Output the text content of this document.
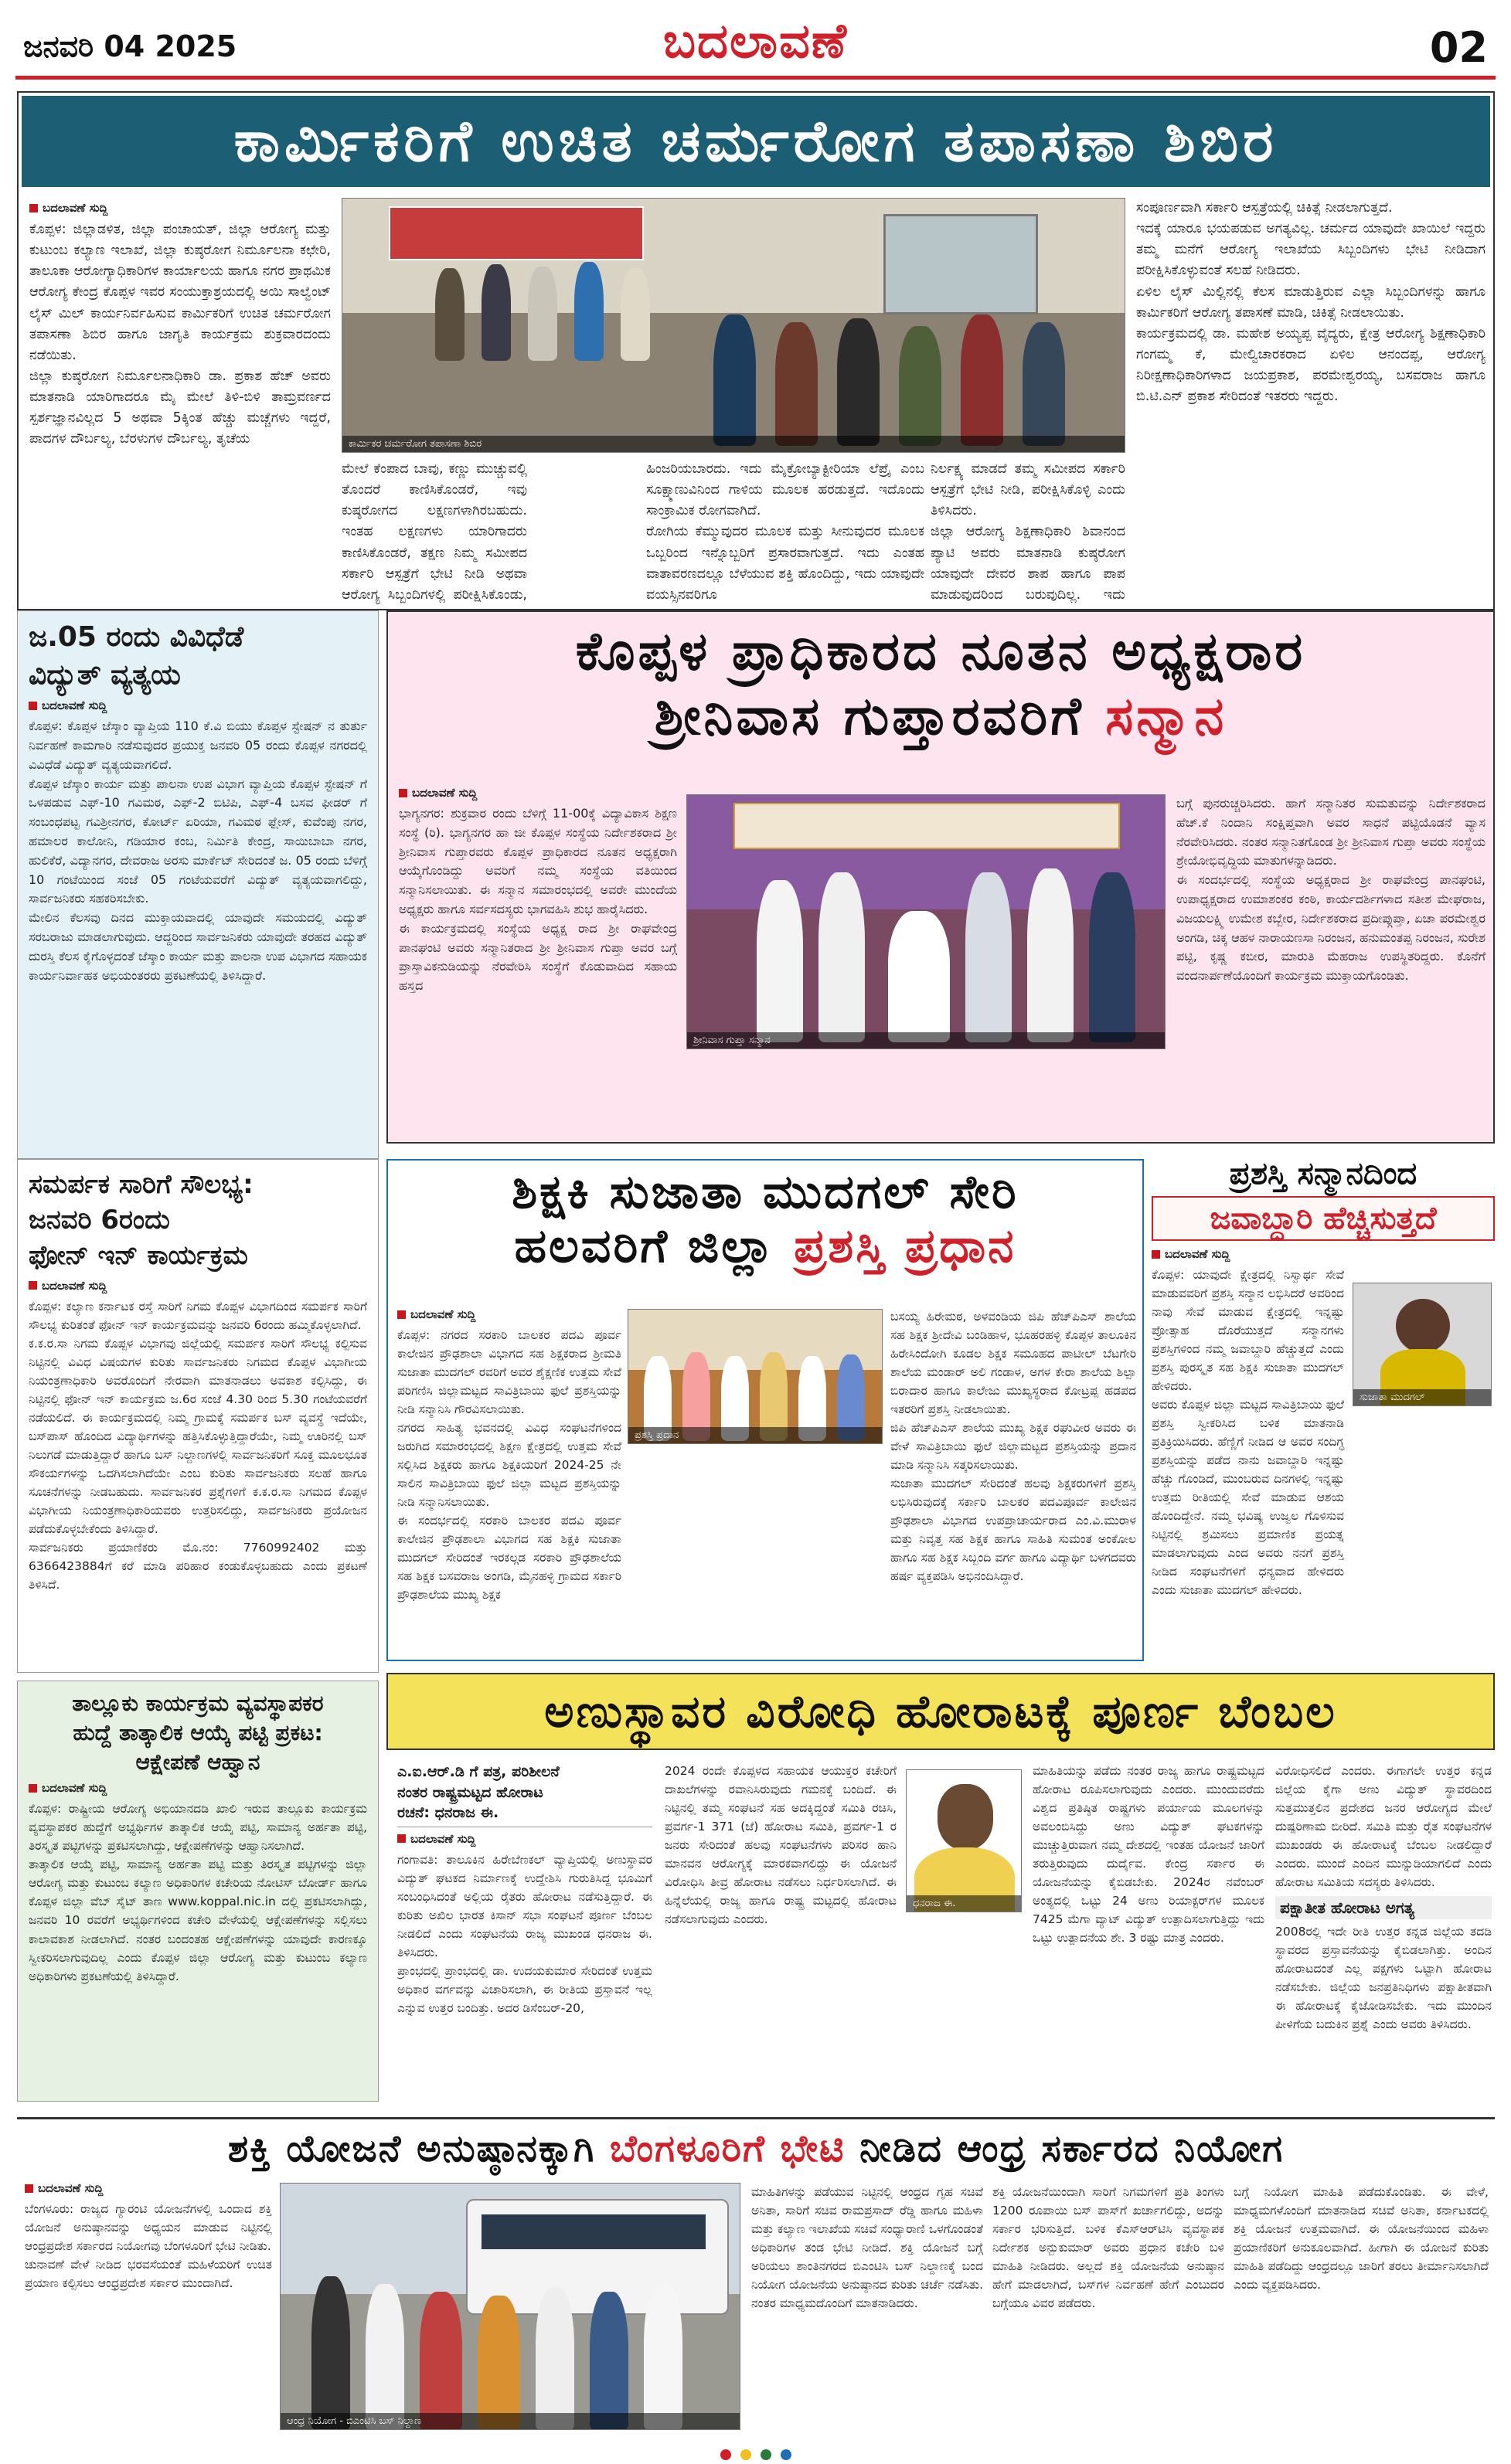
ಜನವರಿ 04 2025	ಬದಲಾವಣೆ	02
ಕಾರ್ಮಿಕರಿಗೆ ಉಚಿತ ಚರ್ಮರೋಗ ತಪಾಸಣಾ ಶಿಬಿರ
ಬದಲಾವಣೆ ಸುದ್ದಿ
ಕೊಪ್ಪಳ: ಜಿಲ್ಲಾಡಳಿತ, ಜಿಲ್ಲಾ ಪಂಚಾಯತ್, ಜಿಲ್ಲಾ ಆರೋಗ್ಯ ಮತ್ತು ಕುಟುಂಬ ಕಲ್ಯಾಣ ಇಲಾಖೆ, ಜಿಲ್ಲಾ ಕುಷ್ಠರೋಗ ನಿರ್ಮೂಲನಾ ಕಛೇರಿ, ತಾಲೂಕಾ ಆರೋಗ್ಯಾಧಿಕಾರಿಗಳ ಕಾರ್ಯಾಲಯ ಹಾಗೂ ನಗರ ಪ್ರಾಥಮಿಕ ಆರೋಗ್ಯ ಕೇಂದ್ರ ಕೊಪ್ಪಳ ಇವರ ಸಂಯುಕ್ತಾಶ್ರಯದಲ್ಲಿ ಅಯಿ ಸಾಲ್ವೆಂಟ್ ಲೈಸ್ ಮಿಲ್ ಕಾರ್ಯನಿರ್ವಹಿಸುವ ಕಾರ್ಮಿಕರಿಗೆ ಉಚಿತ ಚರ್ಮರೋಗ ತಪಾಸಣಾ ಶಿಬಿರ ಹಾಗೂ ಜಾಗೃತಿ ಕಾರ್ಯಕ್ರಮ ಶುಕ್ರವಾರದಂದು ನಡೆಯಿತು.
ಜಿಲ್ಲಾ ಕುಷ್ಠರೋಗ ನಿರ್ಮೂಲನಾಧಿಕಾರಿ ಡಾ. ಪ್ರಕಾಶ ಹೆಚ್ ಅವರು ಮಾತನಾಡಿ ಯಾರಿಗಾದರೂ ಮೈ ಮೇಲೆ ತಿಳಿ-ಬಿಳಿ ತಾಮ್ರವರ್ಣದ ಸ್ಪರ್ಶಜ್ಞಾನವಿಲ್ಲದ 5 ಅಥವಾ 5ಕ್ಕಿಂತ ಹೆಚ್ಚು ಮಚ್ಚೆಗಳು ಇದ್ದರೆ, ಪಾದಗಳ ದೌರ್ಬಲ್ಯ, ಬೆರಳುಗಳ ದೌರ್ಬಲ್ಯ, ತೃಚೆಯ	ಕಾರ್ಮಿಕರ ಚರ್ಮರೋಗ ತಪಾಸಣಾ ಶಿಬಿರ
ಮೇಲೆ ಕೆಂಪಾದ ಬಾವು, ಕಣ್ಣು ಮುಚ್ಚುವಲ್ಲಿ ತೊಂದರೆ ಕಾಣಿಸಿಕೊಂಡರೆ, ಇವು ಕುಷ್ಠರೋಗದ ಲಕ್ಷಣಗಳಾಗಿರಬಹುದು. ಇಂತಹ ಲಕ್ಷಣಗಳು ಯಾರಿಗಾದರು ಕಾಣಿಸಿಕೊಂಡರೆ, ತಕ್ಷಣ ನಿಮ್ಮ ಸಮೀಪದ ಸರ್ಕಾರಿ ಆಸ್ಪತ್ರೆಗೆ ಭೇಟಿ ನೀಡಿ ಅಥವಾ ಆರೋಗ್ಯ ಸಿಬ್ಬಂದಿಗಳಲ್ಲಿ ಪರೀಕ್ಷಿಸಿಕೊಂಡು,
ಹಿಂಜರಿಯಬಾರದು. ಇದು ಮೈಕ್ರೋಬ್ಯಾಕ್ಟೀರಿಯಾ ಲೆಪ್ರೈ ಎಂಬ ಸೂಕ್ಷ್ಮಾಣುವಿನಿಂದ ಗಾಳಿಯ ಮೂಲಕ ಹರಡುತ್ತದೆ. ಇದೊಂದು ಸಾಂಕ್ರಾಮಿಕ ರೋಗವಾಗಿದೆ.
ರೋಗಿಯ ಕೆಮ್ಮುವುದರ ಮೂಲಕ ಮತ್ತು ಸೀನುವುದರ ಮೂಲಕ ಒಬ್ಬರಿಂದ ಇನ್ನೊಬ್ಬರಿಗೆ ಪ್ರಸಾರವಾಗುತ್ತದೆ. ಇದು ಎಂತಹ ವಾತಾವರಣದಲ್ಲೂ ಬೆಳೆಯುವ ಶಕ್ತಿ ಹೊಂದಿದ್ದು, ಇದು ಯಾವುದೇ ವಯಸ್ಸಿನವರಿಗೂ
ನಿರ್ಲಕ್ಷ್ಯ ಮಾಡದೆ ತಮ್ಮ ಸಮೀಪದ ಸರ್ಕಾರಿ ಆಸ್ಪತ್ರೆಗೆ ಭೇಟಿ ನೀಡಿ, ಪರೀಕ್ಷಿಸಿಕೊಳ್ಳಿ ಎಂದು ತಿಳಿಸಿದರು.
ಜಿಲ್ಲಾ ಆರೋಗ್ಯ ಶಿಕ್ಷಣಾಧಿಕಾರಿ ಶಿವಾನಂದ ಪ್ಯಾಟಿ ಅವರು ಮಾತನಾಡಿ ಕುಷ್ಠರೋಗ ಯಾವುದೇ ದೇವರ ಶಾಪ ಹಾಗೂ ಪಾಪ ಮಾಡುವುದರಿಂದ ಬರುವುದಿಲ್ಲ. ಇದು
ಸಂಪೂರ್ಣವಾಗಿ ಸರ್ಕಾರಿ ಆಸ್ಪತ್ರೆಯಲ್ಲಿ ಚಿಕಿತ್ಸೆ ನೀಡಲಾಗುತ್ತದೆ.
ಇದಕ್ಕೆ ಯಾರೂ ಭಯಪಡುವ ಅಗತ್ಯವಿಲ್ಲ. ಚರ್ಮದ ಯಾವುದೇ ಖಾಯಿಲೆ ಇದ್ದರು ತಮ್ಮ ಮನೆಗೆ ಆರೋಗ್ಯ ಇಲಾಖೆಯ ಸಿಬ್ಬಂದಿಗಳು ಭೇಟಿ ನೀಡಿದಾಗ ಪರೀಕ್ಷಿಸಿಕೊಳ್ಳುವಂತೆ ಸಲಹೆ ನೀಡಿದರು.
ಏಳಿಲ ಲೈಸ್ ಮಿಲ್ಲಿನಲ್ಲಿ ಕೆಲಸ ಮಾಡುತ್ತಿರುವ ಎಲ್ಲಾ ಸಿಬ್ಬಂದಿಗಳನ್ನು ಹಾಗೂ ಕಾರ್ಮಿಕರಿಗೆ ಆರೋಗ್ಯ ತಪಾಸಣೆ ಮಾಡಿ, ಚಿಕಿತ್ಸೆ ನೀಡಲಾಯಿತು.
ಕಾರ್ಯಕ್ರಮದಲ್ಲಿ ಡಾ. ಮಹೇಶ ಅಯ್ಯಪ್ಪ ವೈದ್ಯರು, ಕ್ಷೇತ್ರ ಆರೋಗ್ಯ ಶಿಕ್ಷಣಾಧಿಕಾರಿ ಗಂಗಮ್ಮ ಕೆ, ಮೇಲ್ವಿಚಾರಕರಾದ ಏಳಿಲ ಆನಂದಪ್ಪ, ಆರೋಗ್ಯ ನಿರೀಕ್ಷಣಾಧಿಕಾರಿಗಳಾದ ಜಯಪ್ರಕಾಶ, ಪರಮೇಶ್ವರಯ್ಯ, ಬಸವರಾಜ ಹಾಗೂ ಬಿ.ಟಿ.ಎನ್ ಪ್ರಕಾಶ ಸೇರಿದಂತೆ ಇತರರು ಇದ್ದರು.
ಜ.05 ರಂದು ವಿವಿಧೆಡೆ
ವಿದ್ಯುತ್ ವ್ಯತ್ಯಯ
ಬದಲಾವಣೆ ಸುದ್ದಿ
ಕೊಪ್ಪಳ: ಕೊಪ್ಪಳ ಜೆಸ್ಕಾಂ ವ್ಯಾಪ್ತಿಯ 110 ಕೆ.ವಿ ಬಿಯು ಕೊಪ್ಪಳ ಸ್ಟೇಷನ್ ನ ತುರ್ತು ನಿರ್ವಹಣೆ ಕಾಮಗಾರಿ ನಡೆಸುವುದರ ಪ್ರಯುಕ್ತ ಜನವರಿ 05 ರಂದು ಕೊಪ್ಪಳ ನಗರದಲ್ಲಿ ವಿವಿಧೆಡೆ ವಿದ್ಯುತ್ ವ್ಯತ್ಯಯವಾಗಲಿದೆ.
ಕೊಪ್ಪಳ ಜೆಸ್ಕಾಂ ಕಾರ್ಯ ಮತ್ತು ಪಾಲನಾ ಉಪ ವಿಭಾಗ ವ್ಯಾಪ್ತಿಯ ಕೊಪ್ಪಳ ಸ್ಟೇಷನ್ ಗೆ ಒಳಪಡುವ ಎಫ್-10 ಗವಿಮಠ, ಎಫ್-2 ಬಿಟಿಪಿ, ಎಫ್-4 ಬಸವ ಫೀಡರ್ ಗೆ ಸಂಬಂಧಪಟ್ಟ ಗವಿಶ್ರೀನಗರ, ಕೋರ್ಟ್ ಏರಿಯಾ, ಗವಿಮಠ ಫ್ಲೇಸ್, ಕುವೆಂಪು ನಗರ, ಹಮಾಲರ ಕಾಲೋನಿ, ಗಡಿಯಾರ ಕಂಬ, ನಿರ್ಮಿತಿ ಕೇಂದ್ರ, ಸಾಯಿಬಾಬಾ ನಗರ, ಹುಲಿಕೆರೆ, ವಿದ್ಯಾನಗರ, ದೇವರಾಜ ಅರಸು ಮಾರ್ಕೆಟ್ ಸೇರಿದಂತೆ ಜ. 05 ರಂದು ಬೆಳಿಗ್ಗೆ 10 ಗಂಟೆಯಿಂದ ಸಂಜೆ 05 ಗಂಟೆಯವರೆಗೆ ವಿದ್ಯುತ್ ವ್ಯತ್ಯಯವಾಗಲಿದ್ದು, ಸಾರ್ವಜನಿಕರು ಸಹಕರಿಸಬೇಕು.
ಮೇಲಿನ ಕೆಲಸವು ದಿನದ ಮುಕ್ತಾಯವಾದಲ್ಲಿ ಯಾವುದೇ ಸಮಯದಲ್ಲಿ ವಿದ್ಯುತ್ ಸರಬರಾಜು ಮಾಡಲಾಗುವುದು. ಆದ್ದರಿಂದ ಸಾರ್ವಜನಿಕರು ಯಾವುದೇ ತರಹದ ವಿದ್ಯುತ್ ದುರಸ್ತಿ ಕೆಲಸ ಕೈಗೊಳ್ಳದಂತೆ ಜೆಸ್ಕಾಂ ಕಾರ್ಯ ಮತ್ತು ಪಾಲನಾ ಉಪ ವಿಭಾಗದ ಸಹಾಯಕ ಕಾರ್ಯನಿರ್ವಾಹಕ ಅಭಿಯಂತರರು ಪ್ರಕಟಣೆಯಲ್ಲಿ ತಿಳಿಸಿದ್ದಾರೆ.
ಕೊಪ್ಪಳ ಪ್ರಾಧಿಕಾರದ ನೂತನ ಅಧ್ಯಕ್ಷರಾರ
ಶ್ರೀನಿವಾಸ ಗುಪ್ತಾರವರಿಗೆ ಸನ್ಮಾನ
ಬದಲಾವಣೆ ಸುದ್ದಿ
ಭಾಗ್ಯನಗರ: ಶುಕ್ರವಾರ ರಂದು ಬೆಳಿಗ್ಗೆ 11-00ಕ್ಕೆ ವಿದ್ಯಾವಿಕಾಸ ಶಿಕ್ಷಣ ಸಂಸ್ಥೆ (ರಿ). ಭಾಗ್ಯನಗರ ಹಾ ಜೀ ಕೊಪ್ಪಳ ಸಂಸ್ಥೆಯ ನಿರ್ದೇಶಕರಾದ ಶ್ರೀ ಶ್ರೀನಿವಾಸ ಗುಪ್ತಾರವರು ಕೊಪ್ಪಳ ಪ್ರಾಧಿಕಾರದ ನೂತನ ಅಧ್ಯಕ್ಷರಾಗಿ ಆಯ್ಕೆಗೊಂಡಿದ್ದು ಅವರಿಗೆ ನಮ್ಮ ಸಂಸ್ಥೆಯ ವತಿಯಿಂದ ಸನ್ಮಾನಿಸಲಾಯಿತು. ಈ ಸನ್ಮಾನ ಸಮಾರಂಭದಲ್ಲಿ ಅವರೇ ಮುಂದೆಯ ಅಧ್ಯಕ್ಷರು ಹಾಗೂ ಸರ್ವಸದಸ್ಯರು ಭಾಗವಹಿಸಿ ಶುಭ ಹಾರೈಸಿದರು.
ಈ ಕಾರ್ಯಕ್ರಮದಲ್ಲಿ ಸಂಸ್ಥೆಯ ಅಧ್ಯಕ್ಷ ರಾದ ಶ್ರೀ ರಾಘವೇಂದ್ರ ಪಾನಘಂಟಿ ಅವರು ಸನ್ಮಾನಿತರಾದ ಶ್ರೀ ಶ್ರೀನಿವಾಸ ಗುಪ್ತಾ ಅವರ ಬಗ್ಗೆ ಪ್ರಾಸ್ತಾವಿಕನುಡಿಯನ್ನು ನೆರವೇರಿಸಿ ಸಂಸ್ಥೆಗೆ ಕೊಡುವಾದಿದ ಸಹಾಯ ಹಸ್ತದ
ಶ್ರೀನಿವಾಸ ಗುಪ್ತಾ ಸನ್ಮಾನ
ಬಗ್ಗೆ ಪುನರುಚ್ಚರಿಸಿದರು. ಹಾಗೆ ಸನ್ಮಾನಿತರ ಸುಮತುವನ್ನು ನಿರ್ದೇಶಕರಾದ ಹೆಚ್.ಕೆ ನಿಂದಾನಿ ಸಂಕ್ಷಿಪ್ತವಾಗಿ ಅವರ ಸಾಧನೆ ಪಟ್ಟಿಯೊಡನೆ ವ್ಯಾಸ ನೆರವೇರಿಸಿದರು. ನಂತರ ಸನ್ಮಾನಿತಗೊಂಡ ಶ್ರೀ ಶ್ರೀನಿವಾಸ ಗುಪ್ತಾ ಅವರು ಸಂಸ್ಥೆಯ ಶ್ರೇಯೋಭಿವೃದ್ಧಿಯ ಮಾತುಗಳನ್ನಾಡಿದರು.
ಈ ಸಂದರ್ಭದಲ್ಲಿ ಸಂಸ್ಥೆಯ ಅಧ್ಯಕ್ಷರಾದ ಶ್ರೀ ರಾಘವೇಂದ್ರ ಪಾನಘಂಟಿ, ಉಪಾಧ್ಯಕ್ಷರಾದ ಉಮಾಶಂಕರ ಕಂಠಿ, ಕಾರ್ಯದರ್ಶಿಗಳಾದ ಸತೀಶ ಮೇಘರಾಜ, ವಿಜಯಲಕ್ಷ್ಮಿ ಉಮೇಶ ಕಬ್ಬೇರ, ನಿರ್ದೇಶಕರಾದ ಪ್ರದೀಪ್ಗುಪ್ತಾ, ಏಚಾ ಪರಮೇಶ್ವರ ಅಂಗಡಿ, ಚಿಕ್ಕ ಆಹಳ ನಾರಾಯಣಸಾ ನಿರಂಜನ, ಹನುಮಂತಪ್ಪ ನಿರಂಜನ, ಸುರೇಶ ಪಟ್ಟಿ, ಕೃಷ್ಣ ಕಬೀರ, ಮಾರುತಿ ಮೆಹರಾಜ ಉಪಸ್ಥಿತರಿದ್ದರು. ಕೊನೆಗೆ ವಂದನಾರ್ಪಣೆಯೊಂದಿಗೆ ಕಾರ್ಯಕ್ರಮ ಮುಕ್ತಾಯಗೊಂಡಿತು.
ಸಮರ್ಪಕ ಸಾರಿಗೆ ಸೌಲಭ್ಯ:
ಜನವರಿ 6ರಂದು
ಫೋನ್ ಇನ್ ಕಾರ್ಯಕ್ರಮ
ಬದಲಾವಣೆ ಸುದ್ದಿ
ಕೊಪ್ಪಳ: ಕಲ್ಯಾಣ ಕರ್ನಾಟಕ ರಸ್ತೆ ಸಾರಿಗೆ ನಿಗಮ ಕೊಪ್ಪಳ ವಿಭಾಗದಿಂದ ಸಮರ್ಪಕ ಸಾರಿಗೆ ಸೌಲಭ್ಯ ಕುರಿತಂತೆ ಫೋನ್ ಇನ್ ಕಾರ್ಯಕ್ರಮವನ್ನು ಜನವರಿ 6ರಂದು ಹಮ್ಮಿಕೊಳ್ಳಲಾಗಿದೆ.
ಕ.ಕ.ರ.ಸಾ ನಿಗಮ ಕೊಪ್ಪಳ ವಿಭಾಗವು ಜಿಲ್ಲೆಯಲ್ಲಿ ಸಮರ್ಪಕ ಸಾರಿಗೆ ಸೌಲಭ್ಯ ಕಲ್ಪಿಸುವ ನಿಟ್ಟಿನಲ್ಲಿ ವಿವಿಧ ವಿಷಯಗಳ ಕುರಿತು ಸಾರ್ವಜನಿಕರು ನಿಗಮದ ಕೊಪ್ಪಳ ವಿಭಾಗೀಯ ನಿಯಂತ್ರಣಾಧಿಕಾರಿ ಅವರೊಂದಿಗೆ ನೇರವಾಗಿ ಮಾತನಾಡಲು ಅವಕಾಶ ಕಲ್ಪಿಸಿದ್ದು, ಈ ನಿಟ್ಟಿನಲ್ಲಿ ಫೋನ್ ಇನ್ ಕಾರ್ಯಕ್ರಮ ಜ.6ರ ಸಂಜೆ 4.30 ರಿಂದ 5.30 ಗಂಟೆಯವರೆಗೆ ನಡೆಯಲಿದೆ. ಈ ಕಾರ್ಯಕ್ರಮದಲ್ಲಿ ನಿಮ್ಮ ಗ್ರಾಮಕ್ಕೆ ಸಮರ್ಪಕ ಬಸ್ ವ್ಯವಸ್ಥೆ ಇದೆಯೇ, ಬಸ್‌ಪಾಸ್ ಹೊಂದಿದ ವಿದ್ಯಾರ್ಥಿಗಳನ್ನು ಹತ್ತಿಸಿಕೊಳ್ಳುತ್ತಿದ್ದಾರೆಯೇ, ನಿಮ್ಮ ಊರಿನಲ್ಲಿ ಬಸ್ ನಿಲುಗಡೆ ಮಾಡುತ್ತಿದ್ದಾರೆ ಹಾಗೂ ಬಸ್ ನಿಲ್ದಾಣಗಳಲ್ಲಿ ಸಾರ್ವಜನಿಕರಿಗೆ ಸೂಕ್ತ ಮೂಲಭೂತ ಸೌಕರ್ಯಗಳನ್ನು ಒದಗಿಸಲಾಗಿದೆಯೇ ಎಂಬ ಕುರಿತು ಸಾರ್ವಜನಿಕರು ಸಲಹೆ ಹಾಗೂ ಸೂಚನೆಗಳನ್ನು ನೀಡಬಹುದು. ಸಾರ್ವಜನಿಕರ ಪ್ರಶ್ನೆಗಳಿಗೆ ಕ.ಕ.ರ.ಸಾ ನಿಗಮದ ಕೊಪ್ಪಳ ವಿಭಾಗೀಯ ನಿಯಂತ್ರಣಾಧಿಕಾರಿಯವರು ಉತ್ತರಿಸಲಿದ್ದು, ಸಾರ್ವಜನಿಕರು ಪ್ರಯೋಜನ ಪಡೆದುಕೊಳ್ಳಬೇಕೆಂದು ತಿಳಿಸಿದ್ದಾರೆ.
ಸಾರ್ವಜನಿಕರು ಪ್ರಯಾಣಿಕರು ಮೊ.ನಂ: 7760992402 ಮತ್ತು 6366423884ಗೆ ಕರೆ ಮಾಡಿ ಪರಿಹಾರ ಕಂಡುಕೊಳ್ಳಬಹುದು ಎಂದು ಪ್ರಕಟಣೆ ತಿಳಿಸಿದೆ.
ಶಿಕ್ಷಕಿ ಸುಜಾತಾ ಮುದಗಲ್ ಸೇರಿ
ಹಲವರಿಗೆ ಜಿಲ್ಲಾ ಪ್ರಶಸ್ತಿ ಪ್ರಧಾನ
ಬದಲಾವಣೆ ಸುದ್ದಿ
ಕೊಪ್ಪಳ: ನಗರದ ಸರಕಾರಿ ಬಾಲಕರ ಪದವಿ ಪೂರ್ವ ಕಾಲೇಜಿನ ಪ್ರೌಢಶಾಲಾ ವಿಭಾಗದ ಸಹ ಶಿಕ್ಷಕರಾದ ಶ್ರೀಮತಿ ಸುಜಾತಾ ಮುದಗಲ್ ರವರಿಗೆ ಅವರ ಶೈಕ್ಷಣಿಕ ಉತ್ತಮ ಸೇವೆ ಪರಿಗಣಿಸಿ ಜಿಲ್ಲಾಮಟ್ಟದ ಸಾವಿತ್ರಿಬಾಯಿ ಫುಲೆ ಪ್ರಶಸ್ತಿಯನ್ನು ನೀಡಿ ಸನ್ಮಾನಿಸಿ ಗೌರವಿಸಲಾಯಿತು.
ನಗರದ ಸಾಹಿತ್ಯ ಭವನದಲ್ಲಿ ವಿವಿಧ ಸಂಘಟನೆಗಳಿಂದ ಜರುಗಿದ ಸಮಾರಂಭದಲ್ಲಿ ಶಿಕ್ಷಣ ಕ್ಷೇತ್ರದಲ್ಲಿ ಉತ್ತಮ ಸೇವೆ ಸಲ್ಲಿಸಿದ ಶಿಕ್ಷಕರು ಹಾಗೂ ಶಿಕ್ಷಕಿಯರಿಗೆ 2024-25 ನೇ ಸಾಲಿನ ಸಾವಿತ್ರಿಬಾಯಿ ಫುಲೆ ಜಿಲ್ಲಾ ಮಟ್ಟದ ಪ್ರಶಸ್ತಿಯನ್ನು ನೀಡಿ ಸನ್ಮಾನಿಸಲಾಯಿತು.
ಈ ಸಂದರ್ಭದಲ್ಲಿ ಸರಕಾರಿ ಬಾಲಕರ ಪದವಿ ಪೂರ್ವ ಕಾಲೇಜಿನ ಪ್ರೌಢಶಾಲಾ ವಿಭಾಗದ ಸಹ ಶಿಕ್ಷಕಿ ಸುಜಾತಾ ಮುದಗಲ್ ಸೇರಿದಂತೆ ಇರಕಲ್ಗಡ ಸರಕಾರಿ ಪ್ರೌಢಶಾಲೆಯ ಸಹ ಶಿಕ್ಷಕ ಬಸವರಾಜ ಅಂಗಡಿ, ಮೈನಹಳ್ಳಿ ಗ್ರಾಮದ ಸರ್ಕಾರಿ ಪ್ರೌಢಶಾಲೆಯ ಮುಖ್ಯ ಶಿಕ್ಷಕ
ಪ್ರಶಸ್ತಿ ಪ್ರದಾನ
ಬಸಯ್ಯ ಹಿರೇಮಠ, ಅಳವಂಡಿಯ ಜಿಪಿ ಹೆಚ್‌ಪಿಎಸ್ ಶಾಲೆಯ ಸಹ ಶಿಕ್ಷಕ ಶ್ರೀದೇವಿ ಬಂಡಿಹಾಳ, ಭೂಹರಹಳ್ಳಿ ಕೊಪ್ಪಳ ತಾಲೂಕಿನ ಹಿರೇಸಿಂದೋಗಿ ಕೂಡಲ ಶಿಕ್ಷಕ ಸಮೂಹದ ಪಾಟೀಲ್ ಬೆಟಗೇರಿ ಶಾಲೆಯ ಮಂಡಾರ್ ಅಲಿ ಗಂಡಾಳ, ಅಗಳ ಕೇರಾ ಶಾಲೆಯ ಶಿಲ್ಪಾ ಬಿರಾದಾರ ಹಾಗೂ ಕಾಲೇಜು ಮುಖ್ಯಸ್ಥರಾದ ಕೋಟ್ರಪ್ಪ ಹಡಪದ ಇತರರಿಗೆ ಪ್ರಶಸ್ತಿ ನೀಡಲಾಯಿತು.
ಜಿಪಿ ಹೆಚ್‌ಪಿಎಸ್ ಶಾಲೆಯ ಮುಖ್ಯ ಶಿಕ್ಷಕ ರಘುವೀರ ಅವರು ಈ ವೇಳೆ ಸಾವಿತ್ರಿಬಾಯಿ ಫುಲೆ ಜಿಲ್ಲಾಮಟ್ಟದ ಪ್ರಶಸ್ತಿಯನ್ನು ಪ್ರದಾನ ಮಾಡಿ ಸನ್ಮಾನಿಸಿ ಸತ್ಕರಿಸಲಾಯಿತು.
ಸುಜಾತಾ ಮುದಗಲ್ ಸೇರಿದಂತೆ ಹಲವು ಶಿಕ್ಷಕರುಗಳಿಗೆ ಪ್ರಶಸ್ತಿ ಲಭಿಸಿರುವುದಕ್ಕೆ ಸರ್ಕಾರಿ ಬಾಲಕರ ಪದವಿಪೂರ್ವ ಕಾಲೇಜಿನ ಪ್ರೌಢಶಾಲಾ ವಿಭಾಗದ ಉಪಪ್ರಾಚಾರ್ಯರಾದ ಎಂ.ವಿ.ಮುರಾಳ ಮತ್ತು ನಿವೃತ್ತ ಸಹ ಶಿಕ್ಷಕ ಹಾಗೂ ಸಾಹಿತಿ ಸುಮಂತ ಅಂಕೋಲ ಹಾಗೂ ಸಹ ಶಿಕ್ಷಕ ಸಿಬ್ಬಂದಿ ವರ್ಗ ಹಾಗೂ ವಿದ್ಯಾರ್ಥಿ ಬಳಗದವರು ಹರ್ಷ ವ್ಯಕ್ತಪಡಿಸಿ ಅಭಿನಂದಿಸಿದ್ದಾರೆ.
ಪ್ರಶಸ್ತಿ ಸನ್ಮಾನದಿಂದ
ಜವಾಬ್ದಾರಿ ಹೆಚ್ಚಿಸುತ್ತದೆ
ಬದಲಾವಣೆ ಸುದ್ದಿ
ಸುಜಾತಾ ಮುದಗಲ್
ಕೊಪ್ಪಳ: ಯಾವುದೇ ಕ್ಷೇತ್ರದಲ್ಲಿ ನಿಸ್ವಾರ್ಥ ಸೇವೆ ಮಾಡುವವರಿಗೆ ಪ್ರಶಸ್ತಿ ಸನ್ಮಾನ ಲಭಿಸಿದರೆ ಅವರಿಂದ ನಾವು ಸೇವೆ ಮಾಡುವ ಕ್ಷೇತ್ರದಲ್ಲಿ ಇನ್ನಷ್ಟು ಪ್ರೋತ್ಸಾಹ ದೊರೆಯುತ್ತದೆ ಸನ್ಮಾನಗಳು ಪ್ರಶಸ್ತಿಗಳಿಂದ ನಮ್ಮ ಜವಾಬ್ದಾರಿ ಹೆಚ್ಚುತ್ತದೆ ಎಂದು ಪ್ರಶಸ್ತಿ ಪುರಸ್ಕೃತ ಸಹ ಶಿಕ್ಷಕಿ ಸುಜಾತಾ ಮುದಗಲ್ ಹೇಳಿದರು.
ಅವರು ಕೊಪ್ಪಳ ಜಿಲ್ಲಾ ಮಟ್ಟದ ಸಾವಿತ್ರಿಬಾಯಿ ಫುಲೆ ಪ್ರಶಸ್ತಿ ಸ್ವೀಕರಿಸಿದ ಬಳಿಕ ಮಾತನಾಡಿ ಪ್ರತಿಕ್ರಿಯಿಸಿದರು. ಹೆಣ್ಣಿಗೆ ನೀಡಿದ ಆ ಅವರ ಸಂದಿಗ್ಧ ಪ್ರಶಸ್ತಿಯನ್ನು ಪಡೆದ ನಾನು ಜವಾಬ್ದಾರಿ ಇನ್ನಷ್ಟು ಹೆಚ್ಚು ಗೊಂಡಿದೆ, ಮುಂಬರುವ ದಿನಗಳಲ್ಲಿ ಇನ್ನಷ್ಟು ಉತ್ತಮ ರೀತಿಯಲ್ಲಿ ಸೇವೆ ಮಾಡುವ ಆಶಯ ಹೊಂದಿದ್ದೇನೆ. ನಮ್ಮ ಭವಿಷ್ಯ ಉಜ್ವಲ ಗೊಳಿಸುವ ನಿಟ್ಟಿನಲ್ಲಿ ಶ್ರಮಿಸಲು ಪ್ರಮಾಣಿಕ ಪ್ರಯತ್ನ ಮಾಡಲಾಗುವುದು ಎಂದ ಅವರು ನನಗೆ ಪ್ರಶಸ್ತಿ ನೀಡಿದ ಸಂಘಟನೆಗಳಿಗೆ ಧನ್ಯವಾದ ಹೇಳಿದರು ಎಂದು ಸುಜಾತಾ ಮುದಗಲ್ ಹೇಳಿದರು.
ತಾಲ್ಲೂಕು ಕಾರ್ಯಕ್ರಮ ವ್ಯವಸ್ಥಾಪಕರ
ಹುದ್ದೆ ತಾತ್ಕಾಲಿಕ ಆಯ್ಕೆ ಪಟ್ಟಿ ಪ್ರಕಟ:
ಆಕ್ಷೇಪಣೆ ಆಹ್ವಾನ
ಬದಲಾವಣೆ ಸುದ್ದಿ
ಕೊಪ್ಪಳ: ರಾಷ್ಟ್ರೀಯ ಆರೋಗ್ಯ ಅಭಿಯಾನದಡಿ ಖಾಲಿ ಇರುವ ತಾಲ್ಲೂಕು ಕಾರ್ಯಕ್ರಮ ವ್ಯವಸ್ಥಾಪಕರ ಹುದ್ದೆಗೆ ಅಭ್ಯರ್ಥಿಗಳ ತಾತ್ಕಾಲಿಕ ಆಯ್ಕೆ ಪಟ್ಟಿ, ಸಾಮಾನ್ಯ ಅರ್ಹತಾ ಪಟ್ಟಿ, ತಿರಸ್ಕೃತ ಪಟ್ಟಿಗಳನ್ನು ಪ್ರಕಟಿಸಲಾಗಿದ್ದು, ಆಕ್ಷೇಪಣೆಗಳನ್ನು ಆಹ್ವಾನಿಸಲಾಗಿದೆ.
ತಾತ್ಕಾಲಿಕ ಆಯ್ಕೆ ಪಟ್ಟಿ, ಸಾಮಾನ್ಯ ಅರ್ಹತಾ ಪಟ್ಟಿ ಮತ್ತು ತಿರಸ್ಕೃತ ಪಟ್ಟಿಗಳನ್ನು ಜಿಲ್ಲಾ ಆರೋಗ್ಯ ಮತ್ತು ಕುಟುಂಬ ಕಲ್ಯಾಣ ಅಧಿಕಾರಿಗಳ ಕಚೇರಿಯ ನೋಟಿಸ್ ಬೋರ್ಡ್ ಹಾಗೂ ಕೊಪ್ಪಳ ಜಿಲ್ಲಾ ವೆಬ್ ಸೈಟ್ ತಾಣ www.koppal.nic.in ದಲ್ಲಿ ಪ್ರಕಟಿಸಲಾಗಿದ್ದು, ಜನವರಿ 10 ರವರೆಗೆ ಅಭ್ಯರ್ಥಿಗಳಿಂದ ಕಚೇರಿ ವೇಳೆಯಲ್ಲಿ ಆಕ್ಷೇಪಣೆಗಳನ್ನು ಸಲ್ಲಿಸಲು ಕಾಲಾವಕಾಶ ನೀಡಲಾಗಿದೆ. ನಂತರ ಬಂದಂತಹ ಆಕ್ಷೇಪಣೆಗಳನ್ನು ಯಾವುದೇ ಕಾರಣಕ್ಕೂ ಸ್ವೀಕರಿಸಲಾಗುವುದಿಲ್ಲ ಎಂದು ಕೊಪ್ಪಳ ಜಿಲ್ಲಾ ಆರೋಗ್ಯ ಮತ್ತು ಕುಟುಂಬ ಕಲ್ಯಾಣ ಅಧಿಕಾರಿಗಳು ಪ್ರಕಟಣೆಯಲ್ಲಿ ತಿಳಿಸಿದ್ದಾರೆ.
ಅಣುಸ್ಥಾವರ ವಿರೋಧಿ ಹೋರಾಟಕ್ಕೆ ಪೂರ್ಣ ಬೆಂಬಲ
ಎ.ಐ.ಆರ್.ಡಿ ಗೆ ಪತ್ರ, ಪರಿಶೀಲನೆ
ನಂತರ ರಾಷ್ಟ್ರಮಟ್ಟದ ಹೋರಾಟ
ರಚನೆ: ಧನರಾಜ ಈ.
ಬದಲಾವಣೆ ಸುದ್ದಿ
ಗಂಗಾವತಿ: ತಾಲೂಕಿನ ಹಿರೇಬೆಣಕಲ್ ವ್ಯಾಪ್ತಿಯಲ್ಲಿ ಅಣುಸ್ಥಾವರ ವಿದ್ಯುತ್ ಘಟಕದ ನಿರ್ಮಾಣಕ್ಕೆ ಉದ್ದೇಶಿಸಿ ಗುರುತಿಸಿದ್ದ ಭೂಮಿಗೆ ಸಂಬಂಧಿಸಿದಂತೆ ಅಲ್ಲಿಯ ರೈತರು ಹೋರಾಟ ನಡೆಸುತ್ತಿದ್ದಾರೆ. ಈ ಕುರಿತು ಅಖಿಲ ಭಾರತ ಕಿಸಾನ್ ಸಭಾ ಸಂಘಟನೆ ಪೂರ್ಣ ಬೆಂಬಲ ನೀಡಲಿದೆ ಎಂದು ಸಂಘಟನೆಯ ರಾಜ್ಯ ಮುಖಂಡ ಧನರಾಜ ಈ. ತಿಳಿಸಿದರು.
ಪ್ರಾಂಭದಲ್ಲಿ ಪ್ರಾಂಭದಲ್ಲಿ ಡಾ. ಉದಯಕುಮಾರ ಸೇರಿದಂತೆ ಉತ್ತಮ ಅಧಿಕಾರ ವರ್ಗವನ್ನು ವಿಚಾರಿಸಲಾಗಿ, ಈ ರೀತಿಯ ಪ್ರಸ್ತಾವನೆ ಇಲ್ಲ ಎನ್ನುವ ಉತ್ತರ ಬಂದಿತ್ತು. ಅದರ ಡಿಸೆಂಬರ್-20,
2024 ರಂದೇ ಕೊಪ್ಪಳದ ಸಹಾಯಕ ಆಯುಕ್ತರ ಕಚೇರಿಗೆ ದಾಖಲೆಗಳನ್ನು ರವಾನಿಸಿರುವುದು ಗಮನಕ್ಕೆ ಬಂದಿದೆ. ಈ ನಿಟ್ಟಿನಲ್ಲಿ ತಮ್ಮ ಸಂಘಟನೆ ಸಹ ಅದಕ್ಕಿದ್ದಂತೆ ಸಮಿತಿ ರಚಿಸಿ, ಪ್ರವರ್ಗ-1 371 (ಜೆ) ಹೋರಾಟ ಸಮಿತಿ, ಪ್ರವರ್ಗ-1 ರ ಜನರು ಸೇರಿದಂತೆ ಹಲವು ಸಂಘಟನೆಗಳು ಪರಿಸರ ಹಾನಿ ಮಾನವನ ಆರೋಗ್ಯಕ್ಕೆ ಮಾರಕವಾಗಲಿದ್ದು ಈ ಯೋಜನೆ ವಿರೋಧಿಸಿ ತೀವ್ರ ಹೋರಾಟ ನಡೆಸಲು ನಿರ್ಧರಿಸಲಾಗಿದೆ. ಈ ಹಿನ್ನೆಲೆಯಲ್ಲಿ ರಾಜ್ಯ ಹಾಗೂ ರಾಷ್ಟ್ರ ಮಟ್ಟದಲ್ಲಿ ಹೋರಾಟ ನಡೆಸಲಾಗುವುದು ಎಂದರು.
ಧನರಾಜ ಈ.
ಮಾಹಿತಿಯನ್ನು ಪಡೆದು ನಂತರ ರಾಜ್ಯ ಹಾಗೂ ರಾಷ್ಟ್ರಮಟ್ಟದ ಹೋರಾಟ ರೂಪಿಸಲಾಗುವುದು ಎಂದರು. ಮುಂದುವರೆದು ವಿಶ್ವದ ಪ್ರತಿಷ್ಠಿತ ರಾಷ್ಟ್ರಗಳು ಪರ್ಯಾಯ ಮೂಲಗಳನ್ನು ಅವಲಂಬಿಸಿದ್ದು ಅಣು ವಿದ್ಯುತ್ ಘಟಕಗಳನ್ನು ಮುಚ್ಚುತ್ತಿರುವಾಗ ನಮ್ಮ ದೇಶದಲ್ಲಿ ಇಂತಹ ಯೋಜನೆ ಜಾರಿಗೆ ತರುತ್ತಿರುವುದು ದುರ್ದೈವ. ಕೇಂದ್ರ ಸರ್ಕಾರ ಈ ಯೋಜನೆಯನ್ನು ಕೈಬಿಡಬೇಕು. 2024ರ ನವೆಂಬರ್ ಅಂತ್ಯದಲ್ಲಿ ಒಟ್ಟು 24 ಅಣು ರಿಯಾಕ್ಟರ್‌ಗಳ ಮೂಲಕ 7425 ಮೆಗಾ ವ್ಯಾಟ್ ವಿದ್ಯುತ್ ಉತ್ಪಾದಿಸಲಾಗುತ್ತಿದ್ದು ಇದು ಒಟ್ಟು ಉತ್ಪಾದನೆಯ ಶೇ. 3 ರಷ್ಟು ಮಾತ್ರ ಎಂದರು.
ವಿರೋಧಿಸಲಿದೆ ಎಂದರು. ಈಗಾಗಲೇ ಉತ್ತರ ಕನ್ನಡ ಜಿಲ್ಲೆಯ ಕೈಗಾ ಅಣು ವಿದ್ಯುತ್ ಸ್ಥಾವರದಿಂದ ಸುತ್ತಮುತ್ತಲಿನ ಪ್ರದೇಶದ ಜನರ ಆರೋಗ್ಯದ ಮೇಲೆ ದುಷ್ಪರಿಣಾಮ ಬೀರಿದೆ. ಸಮಿತಿ ಮತ್ತು ರೈತ ಸಂಘಟನೆಗಳ ಮುಖಂಡರು ಈ ಹೋರಾಟಕ್ಕೆ ಬೆಂಬಲ ನೀಡಲಿದ್ದಾರೆ ಎಂದರು. ಮುಂದೆ ಎಂದಿನ ಮುನ್ನುಡಿಯಾಗಲಿದೆ ಎಂದು ಹೋರಾಟ ಸಮಿತಿಯ ಸದಸ್ಯರು ತಿಳಿಸಿದರು.
ಪಕ್ಷಾತೀತ ಹೋರಾಟ ಅಗತ್ಯ
2008ರಲ್ಲಿ ಇದೇ ರೀತಿ ಉತ್ತರ ಕನ್ನಡ ಜಿಲ್ಲೆಯ ತದಡಿ ಸ್ಥಾವರದ ಪ್ರಸ್ತಾವನೆಯನ್ನು ಕೈಬಿಡಲಾಗಿತ್ತು. ಅಂದಿನ ಹೋರಾಟದಂತೆ ಎಲ್ಲ ಪಕ್ಷಗಳು ಒಟ್ಟಾಗಿ ಹೋರಾಟ ನಡೆಸಬೇಕು. ಜಿಲ್ಲೆಯ ಜನಪ್ರತಿನಿಧಿಗಳು ಪಕ್ಷಾತೀತವಾಗಿ ಈ ಹೋರಾಟಕ್ಕೆ ಕೈಜೋಡಿಸಬೇಕು. ಇದು ಮುಂದಿನ ಪೀಳಿಗೆಯ ಬದುಕಿನ ಪ್ರಶ್ನೆ ಎಂದು ಅವರು ತಿಳಿಸಿದರು.
ಶಕ್ತಿ ಯೋಜನೆ ಅನುಷ್ಠಾನಕ್ಕಾಗಿ ಬೆಂಗಳೂರಿಗೆ ಭೇಟಿ ನೀಡಿದ ಆಂಧ್ರ ಸರ್ಕಾರದ ನಿಯೋಗ
ಬದಲಾವಣೆ ಸುದ್ದಿ
ಬೆಂಗಳೂರು: ರಾಜ್ಯದ ಗ್ಯಾರಂಟಿ ಯೋಜನೆಗಳಲ್ಲಿ ಒಂದಾದ ಶಕ್ತಿ ಯೋಜನೆ ಅನುಷ್ಠಾನವನ್ನು ಅಧ್ಯಯನ ಮಾಡುವ ನಿಟ್ಟಿನಲ್ಲಿ ಆಂಧ್ರಪ್ರದೇಶ ಸರ್ಕಾರದ ನಿಯೋಗವು ಬೆಂಗಳೂರಿಗೆ ಭೇಟಿ ನೀಡಿತು.
ಚುನಾವಣೆ ವೇಳೆ ನೀಡಿದ ಭರವಸೆಯಂತೆ ಮಹಿಳೆಯರಿಗೆ ಉಚಿತ ಪ್ರಯಾಣ ಕಲ್ಪಿಸಲು ಆಂಧ್ರಪ್ರದೇಶ ಸರ್ಕಾರ ಮುಂದಾಗಿದೆ.
ಆಂಧ್ರ ನಿಯೋಗ - ಬಿಎಂಟಿಸಿ ಬಸ್ ನಿಲ್ದಾಣ
ಮಾಹಿತಿಗಳನ್ನು ಪಡೆಯುವ ನಿಟ್ಟಿನಲ್ಲಿ ಆಂಧ್ರದ ಗೃಹ ಸಚಿವೆ ಅನಿತಾ, ಸಾರಿಗೆ ಸಚಿವ ರಾಮಪ್ರಸಾದ್ ರೆಡ್ಡಿ ಹಾಗೂ ಮಹಿಳಾ ಮತ್ತು ಕಲ್ಯಾಣ ಇಲಾಖೆಯ ಸಚಿವೆ ಸಂಧ್ಯಾರಾಣಿ ಒಳಗೊಂಡಂತೆ ಅಧಿಕಾರಿಗಳ ತಂಡ ಭೇಟಿ ನೀಡಿದೆ. ಶಕ್ತಿ ಯೋಜನೆ ಬಗ್ಗೆ ಅರಿಯಲು ಶಾಂತಿನಗರದ ಬಿಎಂಟಿಸಿ ಬಸ್ ನಿಲ್ದಾಣಕ್ಕೆ ಬಂದ ನಿಯೋಗ ಯೋಜನೆಯ ಅನುಷ್ಠಾನದ ಕುರಿತು ಚರ್ಚೆ ನಡೆಸಿತು. ನಂತರ ಮಾಧ್ಯಮದೊಂದಿಗೆ ಮಾತನಾಡಿದರು.
ಶಕ್ತಿ ಯೋಜನೆಯಿಂದಾಗಿ ಸಾರಿಗೆ ನಿಗಮಗಳಿಗೆ ಪ್ರತಿ ತಿಂಗಳು 1200 ರೂಪಾಯಿ ಬಸ್ ಪಾಸ್‌ಗೆ ಖರ್ಚಾಗಲಿದ್ದು, ಅದನ್ನು ಸರ್ಕಾರ ಭರಿಸುತ್ತಿದೆ. ಬಳಿಕ ಕೆಎಸ್‌ಆರ್‌ಟಿಸಿ ವ್ಯವಸ್ಥಾಪಕ ನಿರ್ದೇಶಕ ಅನ್ಬುಕುಮಾರ್ ಅವರು ಪ್ರಧಾನ ಕಚೇರಿ ಬಳಿ ಮಾಹಿತಿ ನೀಡಿದರು. ಅಲ್ಲದೆ ಶಕ್ತಿ ಯೋಜನೆಯ ಅನುಷ್ಠಾನ ಹೇಗೆ ಮಾಡಲಾಗಿದೆ, ಬಸ್‌ಗಳ ನಿರ್ವಹಣೆ ಹೇಗೆ ಎಂಬುದರ ಬಗ್ಗೆಯೂ ವಿವರ ಪಡೆದರು.
ಬಗ್ಗೆ ನಿಯೋಗ ಮಾಹಿತಿ ಪಡೆದುಕೊಂಡಿತು. ಈ ವೇಳೆ, ಮಾಧ್ಯಮಗಳೊಂದಿಗೆ ಮಾತನಾಡಿದ ಸಚಿವೆ ಅನಿತಾ, ಕರ್ನಾಟಕದಲ್ಲಿ ಶಕ್ತಿ ಯೋಜನೆ ಉತ್ತಮವಾಗಿದೆ. ಈ ಯೋಜನೆಯಿಂದ ಮಹಿಳಾ ಪ್ರಯಾಣಿಕರಿಗೆ ಅನುಕೂಲವಾಗಿದೆ. ಹೀಗಾಗಿ ಈ ಯೋಜನೆ ಕುರಿತು ಮಾಹಿತಿ ಪಡೆದಿದ್ದು ಆಂಧ್ರದಲ್ಲೂ ಜಾರಿಗೆ ತರಲು ತೀರ್ಮಾನಿಸಲಾಗಿದೆ ಎಂದು ವ್ಯಕ್ತಪಡಿಸಿದರು.
